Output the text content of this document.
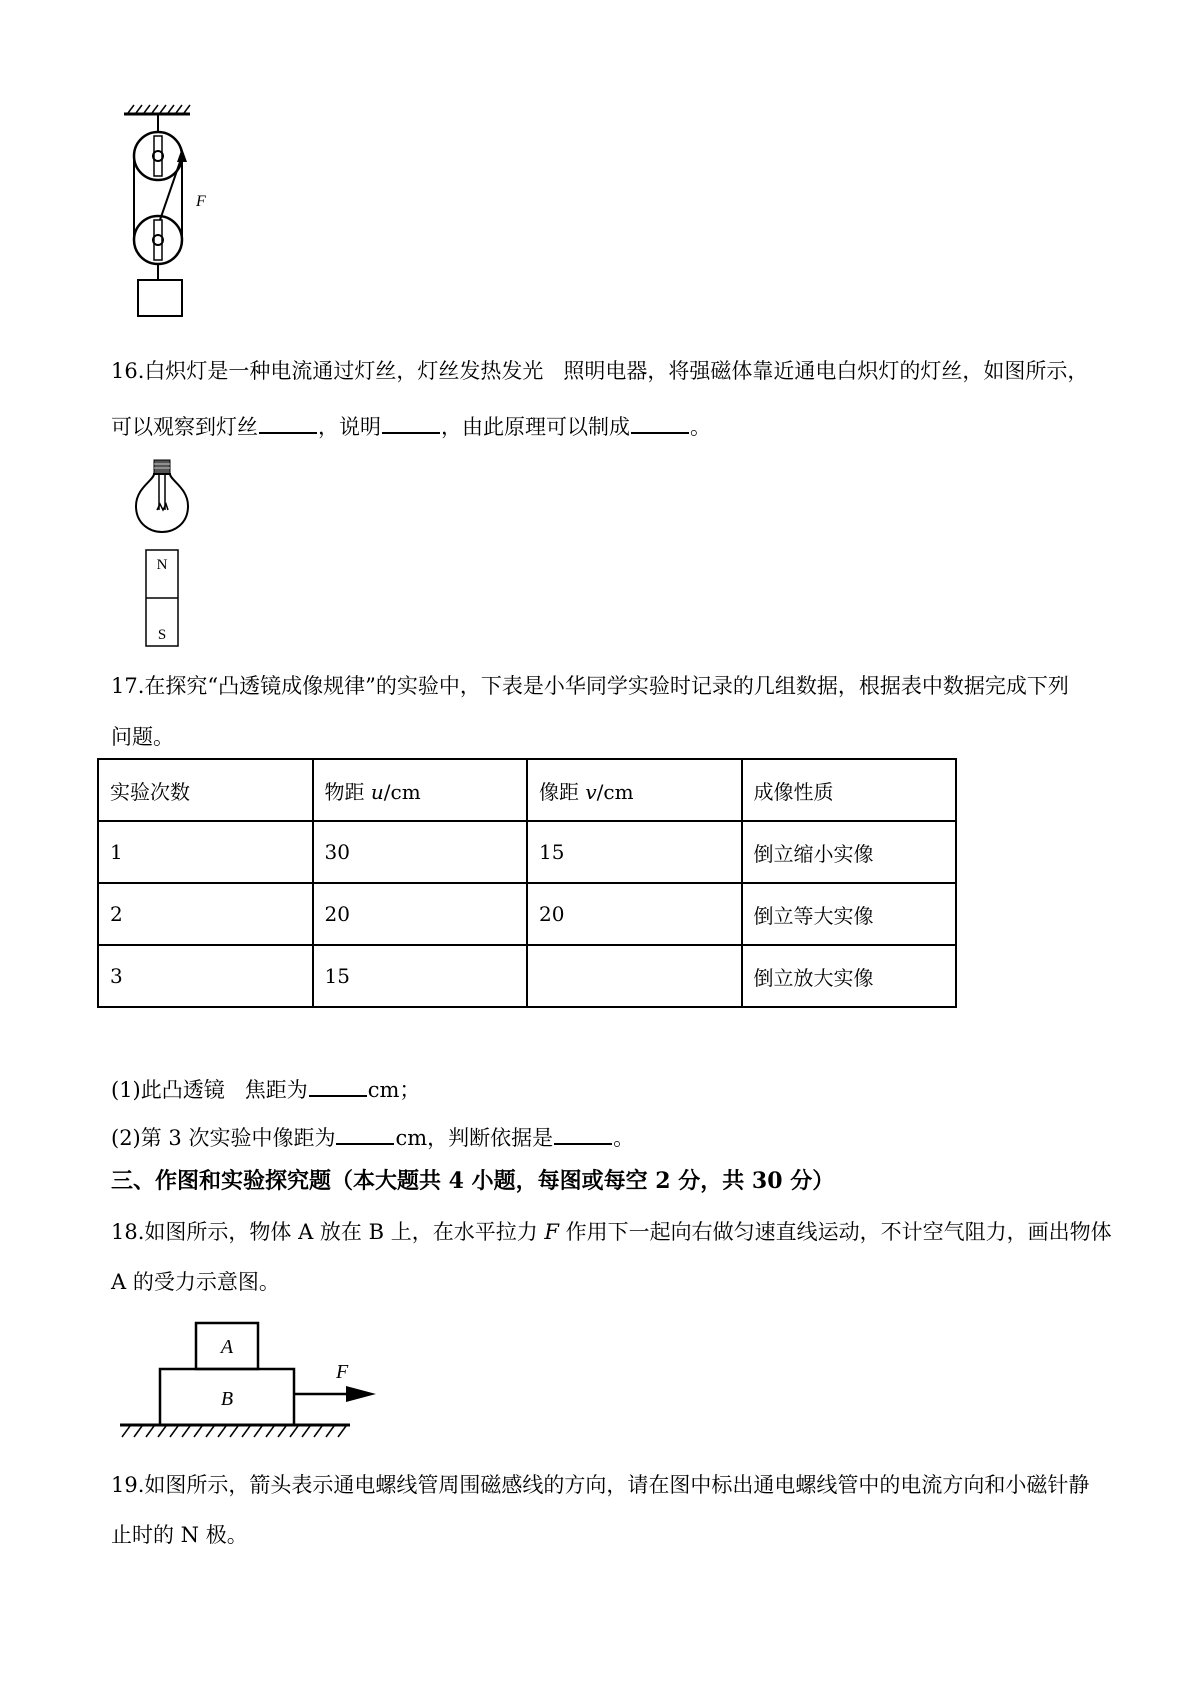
F
16.白炽灯是一种电流通过灯丝，灯丝发热发光 照明电器，将强磁体靠近通电白炽灯的灯丝，如图所示，
可以观察到灯丝	，说明	，由此原理可以制成	。
N
S
17.在探究“凸透镜成像规律”的实验中，下表是小华同学实验时记录的几组数据，根据表中数据完成下列
问题。
实验次数	物距 u/cm	像距 v/cm	成像性质
1	30	15	倒立缩小实像
2	20	20	倒立等大实像
3	15		倒立放大实像
(1)此凸透镜 焦距为	cm；
(2)第 3 次实验中像距为	cm，判断依据是	。
三、作图和实验探究题（本大题共 4 小题，每图或每空 2 分，共 30 分）
18.如图所示，物体 A 放在 B 上，在水平拉力 F 作用下一起向右做匀速直线运动，不计空气阻力，画出物体
A 的受力示意图。
A
B
F
19.如图所示，箭头表示通电螺线管周围磁感线的方向，请在图中标出通电螺线管中的电流方向和小磁针静
止时的 N 极。
